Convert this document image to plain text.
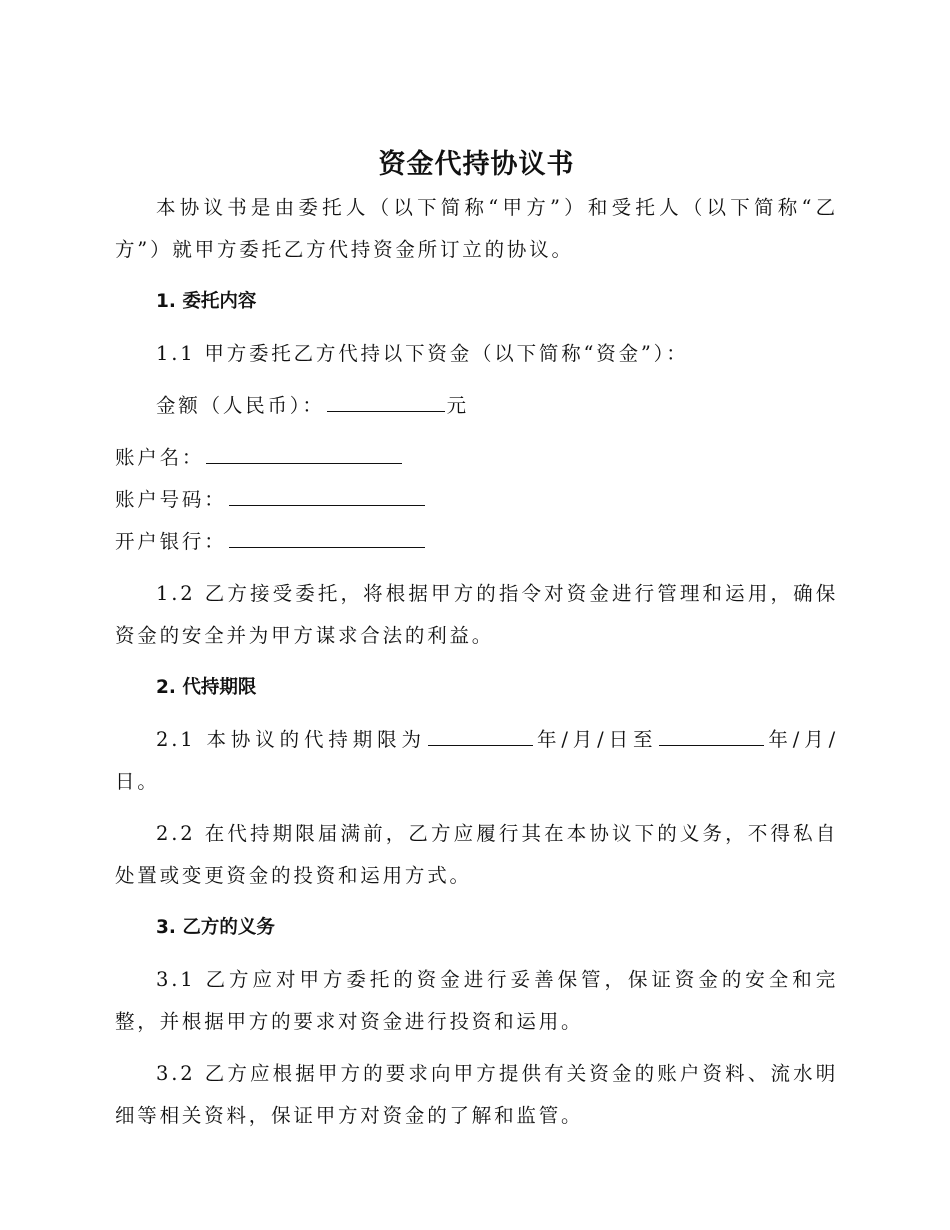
资金代持协议书

本协议书是由委托人（以下简称“甲方”）和受托人（以下简称“乙方”）就甲方委托乙方代持资金所订立的协议。

1. 委托内容

1.1 甲方委托乙方代持以下资金（以下简称“资金”）：

金额（人民币）：	元

账户名：

账户号码：

开户银行：

1.2 乙方接受委托，将根据甲方的指令对资金进行管理和运用，确保资金的安全并为甲方谋求合法的利益。

2. 代持期限

2.1 本协议的代持期限为	年/月/日至	年/月/日。

2.2 在代持期限届满前，乙方应履行其在本协议下的义务，不得私自处置或变更资金的投资和运用方式。

3. 乙方的义务

3.1 乙方应对甲方委托的资金进行妥善保管，保证资金的安全和完整，并根据甲方的要求对资金进行投资和运用。

3.2 乙方应根据甲方的要求向甲方提供有关资金的账户资料、流水明细等相关资料，保证甲方对资金的了解和监管。
